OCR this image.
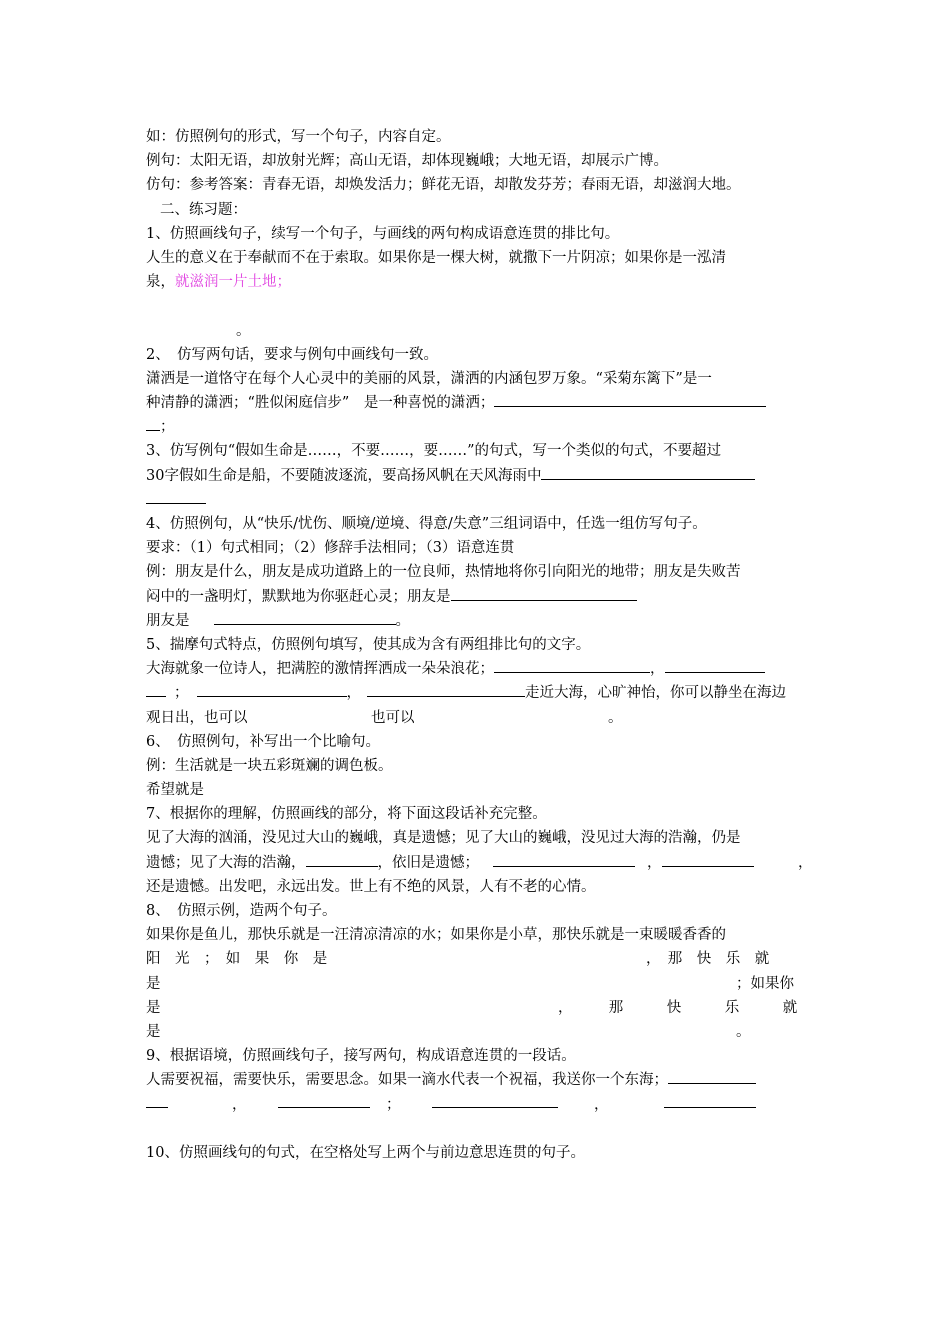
如：仿照例句的形式，写一个句子，内容自定。
例句：太阳无语，却放射光辉；高山无语，却体现巍峨；大地无语，却展示广博。
仿句：参考答案：青春无语，却焕发活力；鲜花无语，却散发芬芳；春雨无语，却滋润大地。
二、练习题：
1、仿照画线句子，续写一个句子，与画线的两句构成语意连贯的排比句。
人生的意义在于奉献而不在于索取。如果你是一棵大树，就撒下一片阴凉；如果你是一泓清
泉，就滋润一片土地；
。
2、　仿写两句话，要求与例句中画线句一致。
潇洒是一道恪守在每个人心灵中的美丽的风景，潇洒的内涵包罗万象。“采菊东篱下”是一
种清静的潇洒；“胜似闲庭信步”　是一种喜悦的潇洒；
；
3、仿写例句“假如生命是……，不要……，要……”的句式，写一个类似的句式，不要超过
30字假如生命是船，不要随波逐流，要高扬风帆在天风海雨中
4、仿照例句，从“快乐/忧伤、顺境/逆境、得意/失意”三组词语中，任选一组仿写句子。
要求：（1）句式相同；（2）修辞手法相同；（3）语意连贯
例：朋友是什么，朋友是成功道路上的一位良师，热情地将你引向阳光的地带；朋友是失败苦
闷中的一盏明灯，默默地为你驱赶心灵；朋友是
朋友是	。
5、揣摩句式特点，仿照例句填写，使其成为含有两组排比句的文字。
大海就象一位诗人，把满腔的激情挥洒成一朵朵浪花；	，
；	，	走近大海，心旷神怡，你可以静坐在海边
观日出，也可以	也可以	。
6、　仿照例句，补写出一个比喻句。
例：生活就是一块五彩斑斓的调色板。
希望就是
7、根据你的理解，仿照画线的部分，将下面这段话补充完整。
见了大海的汹涌，没见过大山的巍峨，真是遗憾；见了大山的巍峨，没见过大海的浩瀚，仍是
遗憾；见了大海的浩瀚，	，依旧是遗憾；	，	，
还是遗憾。出发吧，永远出发。世上有不绝的风景，人有不老的心情。
8、　仿照示例，造两个句子。
如果你是鱼儿，那快乐就是一汪清凉清凉的水；如果你是小草，那快乐就是一束暖暖香香的
阳　光　；　如　果　你　是	，　那　快　乐　就
是	；如果你
是	，　　　那　　　快　　　乐　　　就
是	。
9、根据语境，仿照画线句子，接写两句，构成语意连贯的一段话。
人需要祝福，需要快乐，需要思念。如果一滴水代表一个祝福，我送你一个东海；
，	；	，
10、仿照画线句的句式，在空格处写上两个与前边意思连贯的句子。
